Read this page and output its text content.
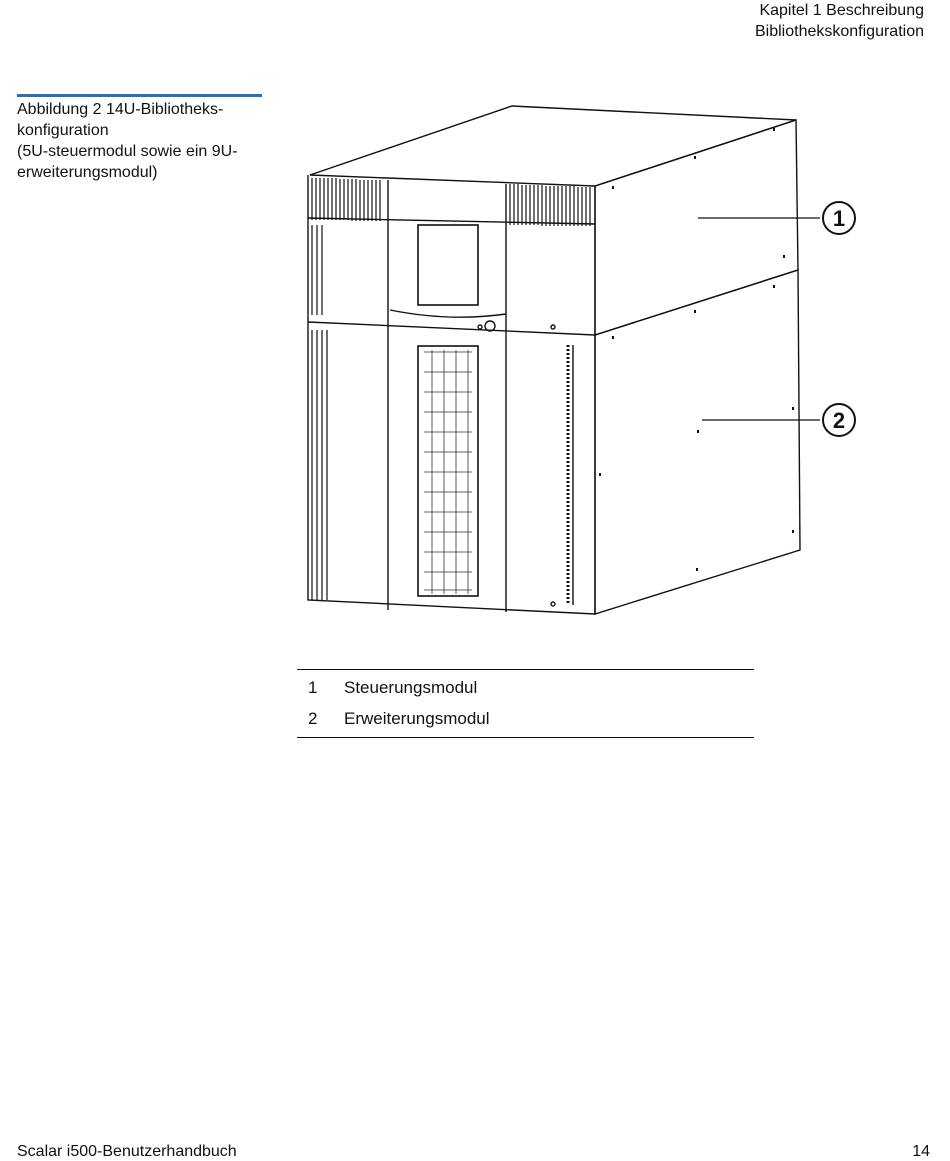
Kapitel 1 Beschreibung
Bibliothekskonfiguration
Abbildung 2 14U-Bibliotheks-
konfiguration
(5U-steuermodul sowie ein 9U-
erweiterungsmodul)
1
2
1	Steuerungsmodul
2	Erweiterungsmodul
Scalar i500-Benutzerhandbuch	14
